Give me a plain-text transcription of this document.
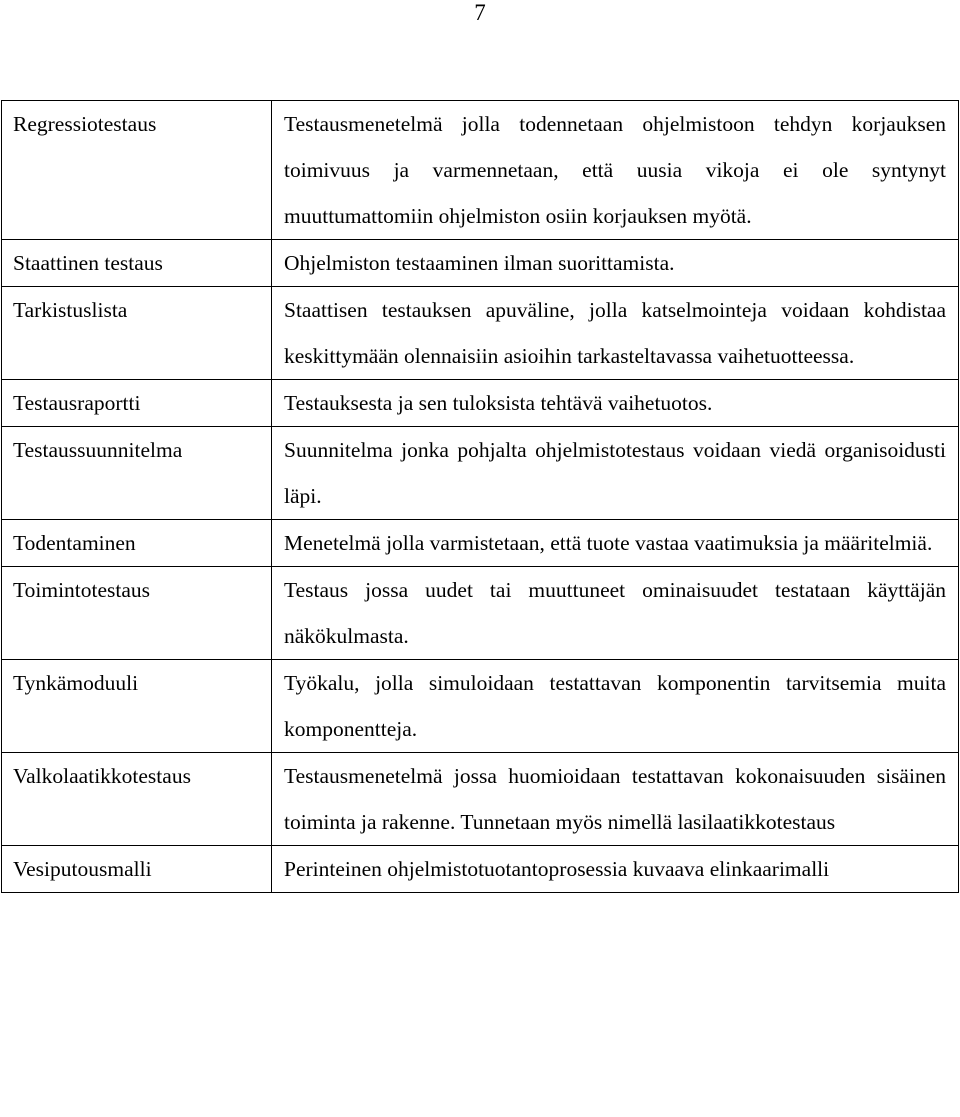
7
Regressiotestaus	Testausmenetelmä jolla todennetaan ohjelmistoon tehdyn korjauksen toimivuus ja varmennetaan, että uusia vikoja ei ole syntynyt muuttumattomiin ohjelmiston osiin korjauksen myötä.
Staattinen testaus	Ohjelmiston testaaminen ilman suorittamista.
Tarkistuslista	Staattisen testauksen apuväline, jolla katselmointeja voidaan kohdistaa keskittymään olennaisiin asioihin tarkasteltavassa vaihetuotteessa.
Testausraportti	Testauksesta ja sen tuloksista tehtävä vaihetuotos.
Testaussuunnitelma	Suunnitelma jonka pohjalta ohjelmistotestaus voidaan viedä organisoidusti läpi.
Todentaminen	Menetelmä jolla varmistetaan, että tuote vastaa vaatimuksia ja määritelmiä.
Toimintotestaus	Testaus jossa uudet tai muuttuneet ominaisuudet testataan käyttäjän näkökulmasta.
Tynkämoduuli	Työkalu, jolla simuloidaan testattavan komponentin tarvitsemia muita komponentteja.
Valkolaatikkotestaus	Testausmenetelmä jossa huomioidaan testattavan kokonaisuuden sisäinen toiminta ja rakenne. Tunnetaan myös nimellä lasilaatikkotestaus
Vesiputousmalli	Perinteinen ohjelmistotuotantoprosessia kuvaava elinkaarimalli
